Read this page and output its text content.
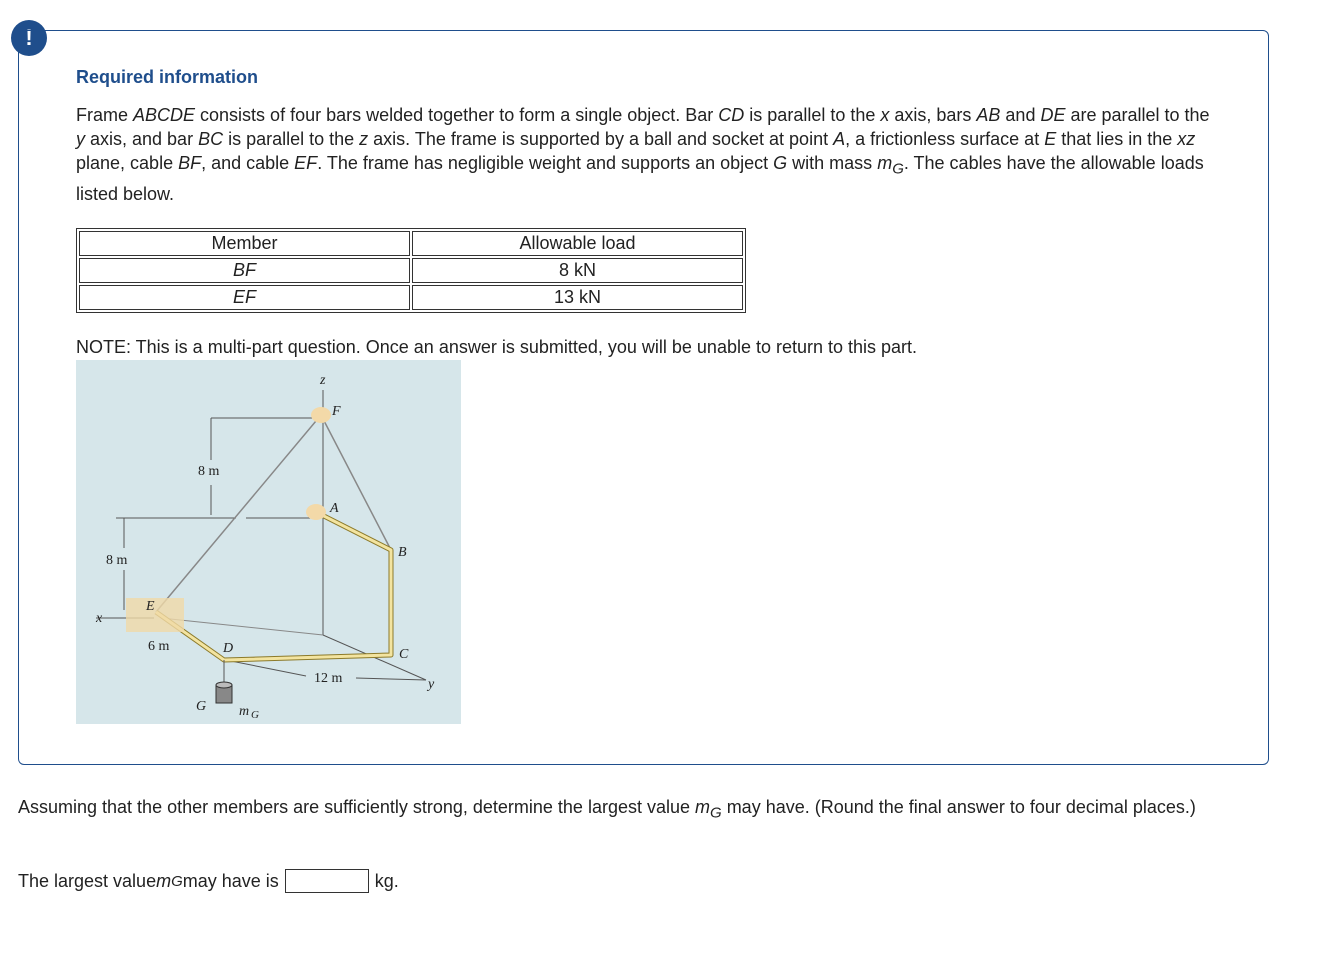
!
Required information
Frame ABCDE consists of four bars welded together to form a single object. Bar CD is parallel to the x axis, bars AB and DE are parallel to the y axis, and bar BC is parallel to the z axis. The frame is supported by a ball and socket at point A, a frictionless surface at E that lies in the xz plane, cable BF, and cable EF. The frame has negligible weight and supports an object G with mass $m_G$. The cables have the allowable loads listed below.
Member	Allowable load
BF	8 kN
EF	13 kN
NOTE: This is a multi-part question. Once an answer is submitted, you will be unable to return to this part.
z
F
A
B
C
D
E
G
x
y
m G
8 m
8 m
6 m
12 m
Assuming that the other members are sufficiently strong, determine the largest value $m_G$ may have. (Round the final answer to four decimal places.)
The largest value m G may have is	kg.
